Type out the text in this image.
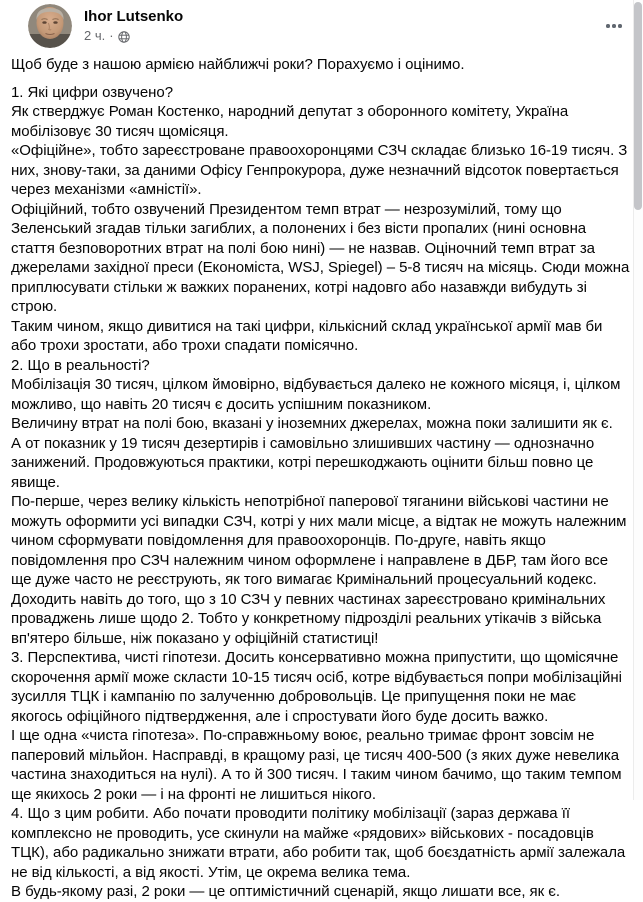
Ihor Lutsenko
2 ч. ·
Щоб буде з нашою армією найближчі роки? Порахуємо і оцінимо.
1. Які цифри озвучено?
Як стверджує Роман Костенко, народний депутат з оборонного комітету, Україна мобілізовує 30 тисяч щомісяця.
«Офіційне», тобто зареєстроване правоохоронцями СЗЧ складає близько 16-19 тисяч. З них, знову-таки, за даними Офісу Генпрокурора, дуже незначний відсоток повертається через механізми «амністії».
Офіційний, тобто озвучений Президентом темп втрат — незрозумілий, тому що Зеленський згадав тільки загиблих, а полонених і без вісти пропалих (нині основна стаття безповоротних втрат на полі бою нині) — не назвав. Оціночний темп втрат за джерелами західної преси (Економіста, WSJ, Spiegel) – 5-8 тисяч на місяць. Сюди можна приплюсувати стільки ж важких поранених, котрі надовго або назавжди вибудуть зі строю.
Таким чином, якщо дивитися на такі цифри, кількісний склад української армії мав би або трохи зростати, або трохи спадати помісячно.
2. Що в реальності?
Мобілізація 30 тисяч, цілком ймовірно, відбувається далеко не кожного місяця, і, цілком можливо, що навіть 20 тисяч є досить успішним показником.
Величину втрат на полі бою, вказані у іноземних джерелах, можна поки залишити як є.
А от показник у 19 тисяч дезертирів і самовільно злишивших частину — однозначно занижений. Продовжуються практики, котрі перешкоджають оцінити більш повно це явище.
По-перше, через велику кількість непотрібної паперової тяганини військові частини не можуть оформити усі випадки СЗЧ, котрі у них мали місце, а відтак не можуть належним чином сформувати повідомлення для правоохоронців. По-друге, навіть якщо повідомлення про СЗЧ належним чином оформлене і направлене в ДБР, там його все ще дуже часто не реєструють, як того вимагає Кримінальний процесуальний кодекс. Доходить навіть до того, що з 10 СЗЧ у певних частинах зареєстровано кримінальних проваджень лише щодо 2. Тобто у конкретному підрозділі реальних утікачів з війська вп'ятеро більше, ніж показано у офіційній статистиці!
3. Перспектива, чисті гіпотези. Досить консервативно можна припустити, що щомісячне скорочення армії може скласти 10-15 тисяч осіб, котре відбувається попри мобілізаційні зусилля ТЦК і кампанію по залученню добровольців. Це припущення поки не має якогось офіційного підтвердження, але і спростувати його буде досить важко.
І ще одна «чиста гіпотеза». По-справжньому воює, реально тримає фронт зовсім не паперовий мільйон. Насправді, в кращому разі, це тисяч 400-500 (з яких дуже невелика частина знаходиться на нулі). А то й 300 тисяч. І таким чином бачимо, що таким темпом ще якихось 2 роки — і на фронті не лишиться нікого.
4. Що з цим робити. Або почати проводити політику мобілізації (зараз держава її комплексно не проводить, усе скинули на майже «рядових» військових - посадовців ТЦК), або радикально знижати втрати, або робити так, щоб боєздатність армії залежала не від кількості, а від якості. Утім, це окрема велика тема.
В будь-якому разі, 2 роки — це оптимістичний сценарій, якщо лишати все, як є.
